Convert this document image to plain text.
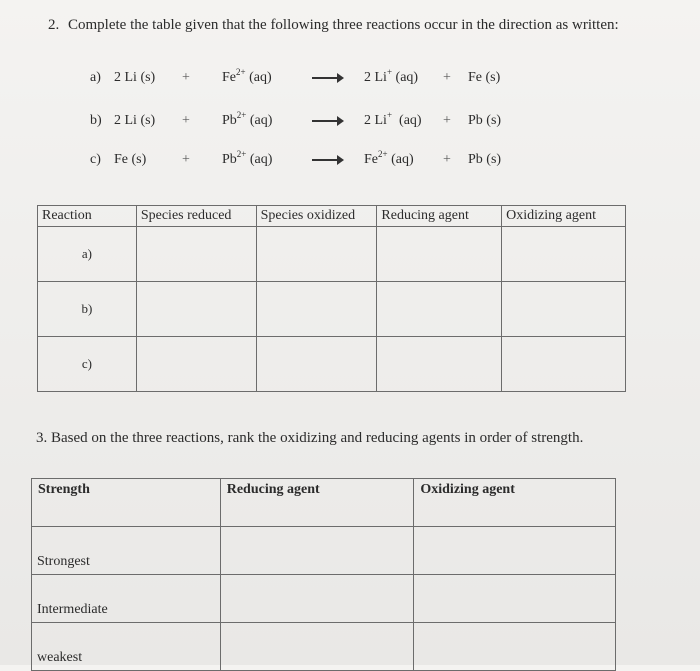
2. Complete the table given that the following three reactions occur in the direction as written:
a) 2 Li $(s) + Fe^{2+}$ (aq)	2 Li+ (aq) + Fe (s)
b) 2 Li $(s) + Pb^{2+}$ (aq)	2 Li+  (aq) + Pb (s)
c) Fe (s)	+ $Pb^{2+}$ (aq)	$Fe^{2+}$ (aq) + Pb (s)
Reaction	Species reduced	Species oxidized	Reducing agent	Oxidizing agent
a)				
b)				
c)				
3. Based on the three reactions, rank the oxidizing and reducing agents in order of strength.
Strength	Reducing agent	Oxidizing agent
Strongest		
Intermediate		
weakest		
